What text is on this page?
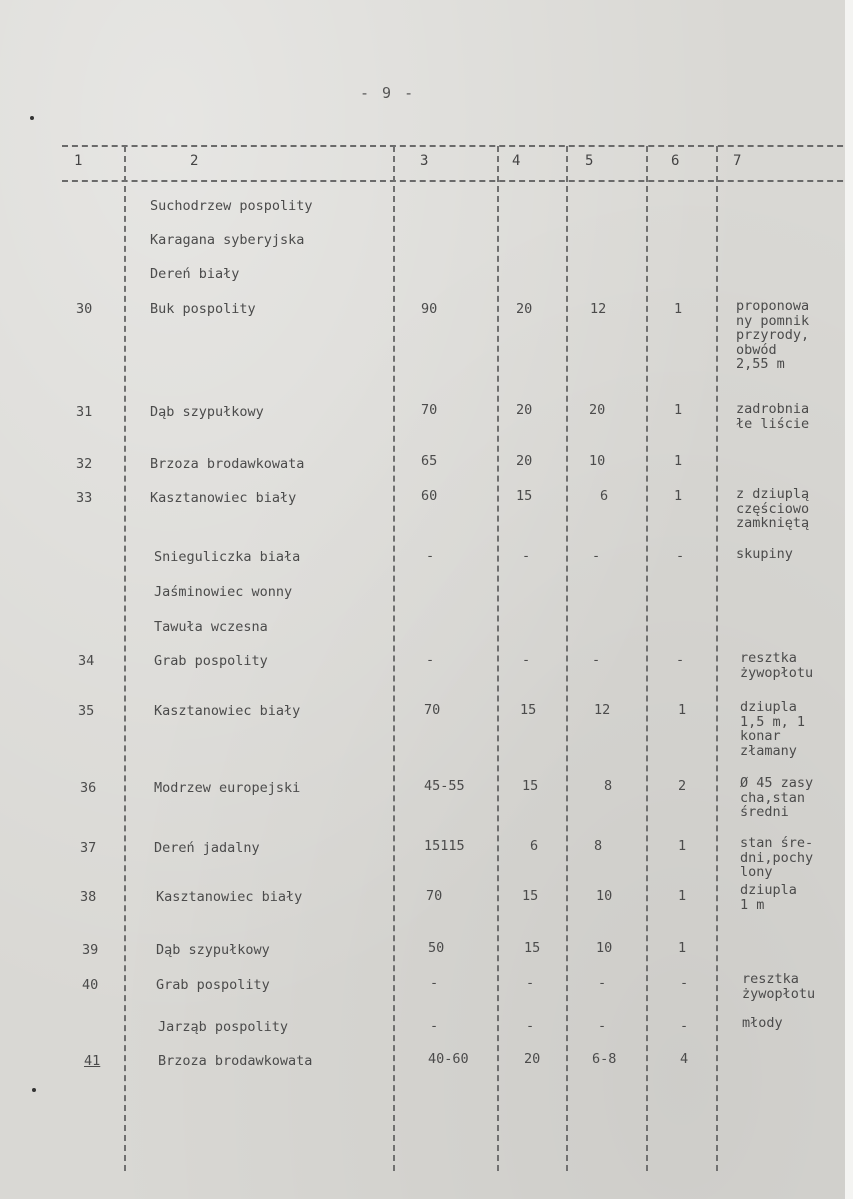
- 9 -
1	2	3	4	5	6	7
Suchodrzew pospolity
Karagana syberyjska
Dereń biały
30	Buk pospolity	90	20	12	1	proponowa
ny pomnik
przyrody,
obwód
2,55 m
31	Dąb szypułkowy	70	20	20	1	zadrobnia
łe liście
32	Brzoza brodawkowata	65	20	10	1
33	Kasztanowiec biały	60	15	6	1	z dziuplą
częściowo
zamkniętą
Snieguliczka biała	-	-	-	-	skupiny
Jaśminowiec wonny
Tawuła wczesna
34	Grab pospolity	-	-	-	-	resztka
żywopłotu
35	Kasztanowiec biały	70	15	12	1	dziupla
1,5 m, 1
konar
złamany
36	Modrzew europejski	45-55	15	8	2	Ø 45 zasy
cha,stan
średni
37	Dereń jadalny	15115	6	8	1	stan śre-
dni,pochy
lony
38	Kasztanowiec biały	70	15	10	1	dziupla
1 m
39	Dąb szypułkowy	50	15	10	1
40	Grab pospolity	-	-	-	-	resztka
żywopłotu
Jarząb pospolity	-	-	-	-	młody
41	Brzoza brodawkowata	40-60	20	6-8	4
